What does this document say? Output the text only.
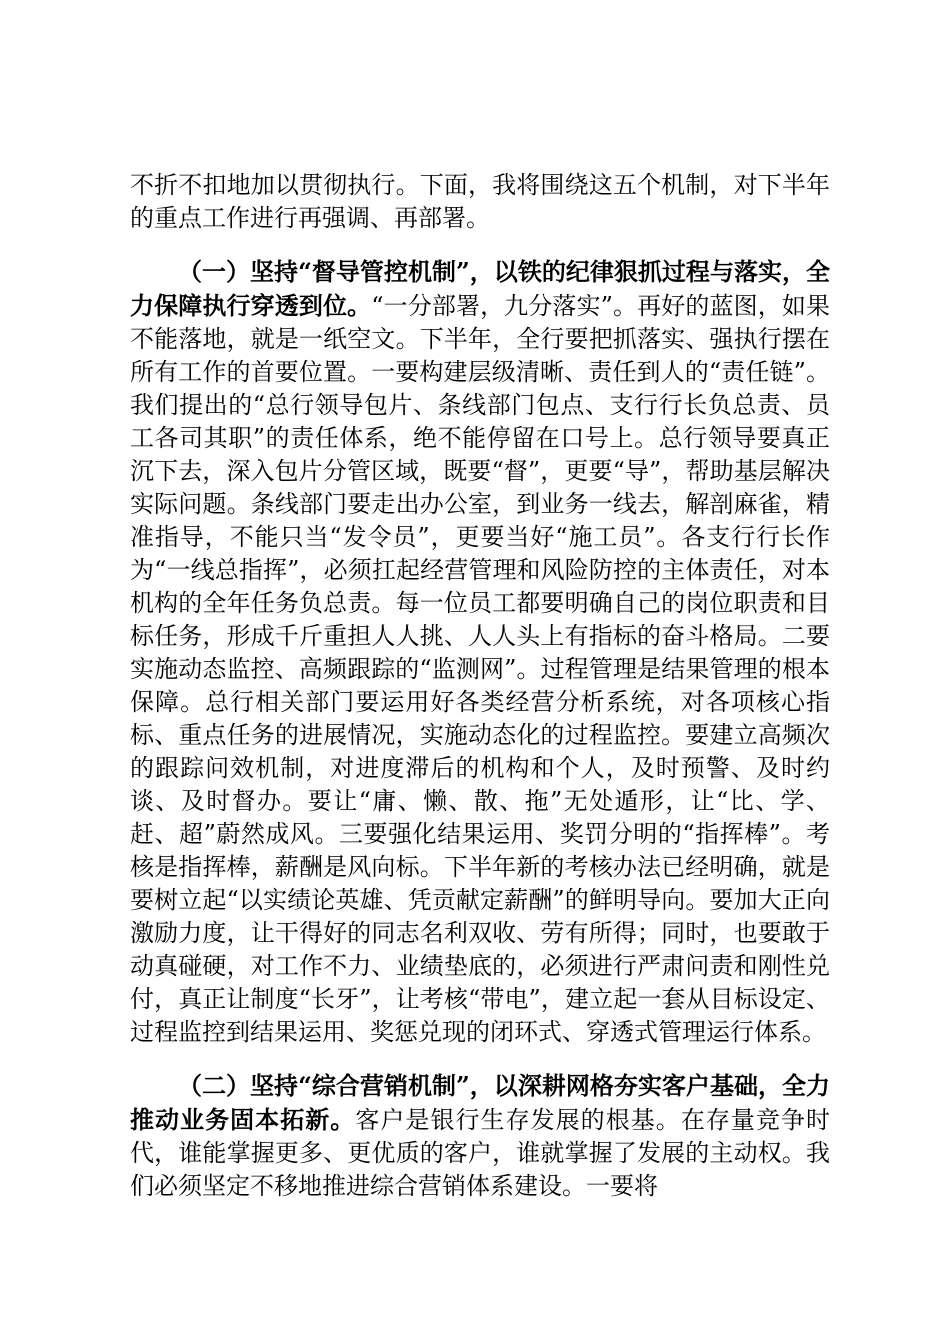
不折不扣地加以贯彻执行。下面，我将围绕这五个机制，对下半年的重点工作进行再强调、再部署。

（一）坚持“督导管控机制”，以铁的纪律狠抓过程与落实，全力保障执行穿透到位。“一分部署，九分落实”。再好的蓝图，如果不能落地，就是一纸空文。下半年，全行要把抓落实、强执行摆在所有工作的首要位置。一要构建层级清晰、责任到人的“责任链”。我们提出的“总行领导包片、条线部门包点、支行行长负总责、员工各司其职”的责任体系，绝不能停留在口号上。总行领导要真正沉下去，深入包片分管区域，既要“督”，更要“导”，帮助基层解决实际问题。条线部门要走出办公室，到业务一线去，解剖麻雀，精准指导，不能只当“发令员”，更要当好“施工员”。各支行行长作为“一线总指挥”，必须扛起经营管理和风险防控的主体责任，对本机构的全年任务负总责。每一位员工都要明确自己的岗位职责和目标任务，形成千斤重担人人挑、人人头上有指标的奋斗格局。二要实施动态监控、高频跟踪的“监测网”。过程管理是结果管理的根本保障。总行相关部门要运用好各类经营分析系统，对各项核心指标、重点任务的进展情况，实施动态化的过程监控。要建立高频次的跟踪问效机制，对进度滞后的机构和个人，及时预警、及时约谈、及时督办。要让“庸、懒、散、拖”无处遁形，让“比、学、赶、超”蔚然成风。三要强化结果运用、奖罚分明的“指挥棒”。考核是指挥棒，薪酬是风向标。下半年新的考核办法已经明确，就是要树立起“以实绩论英雄、凭贡献定薪酬”的鲜明导向。要加大正向激励力度，让干得好的同志名利双收、劳有所得；同时，也要敢于动真碰硬，对工作不力、业绩垫底的，必须进行严肃问责和刚性兑付，真正让制度“长牙”，让考核“带电”，建立起一套从目标设定、过程监控到结果运用、奖惩兑现的闭环式、穿透式管理运行体系。

（二）坚持“综合营销机制”，以深耕网格夯实客户基础，全力推动业务固本拓新。客户是银行生存发展的根基。在存量竞争时代，谁能掌握更多、更优质的客户，谁就掌握了发展的主动权。我们必须坚定不移地推进综合营销体系建设。一要将
